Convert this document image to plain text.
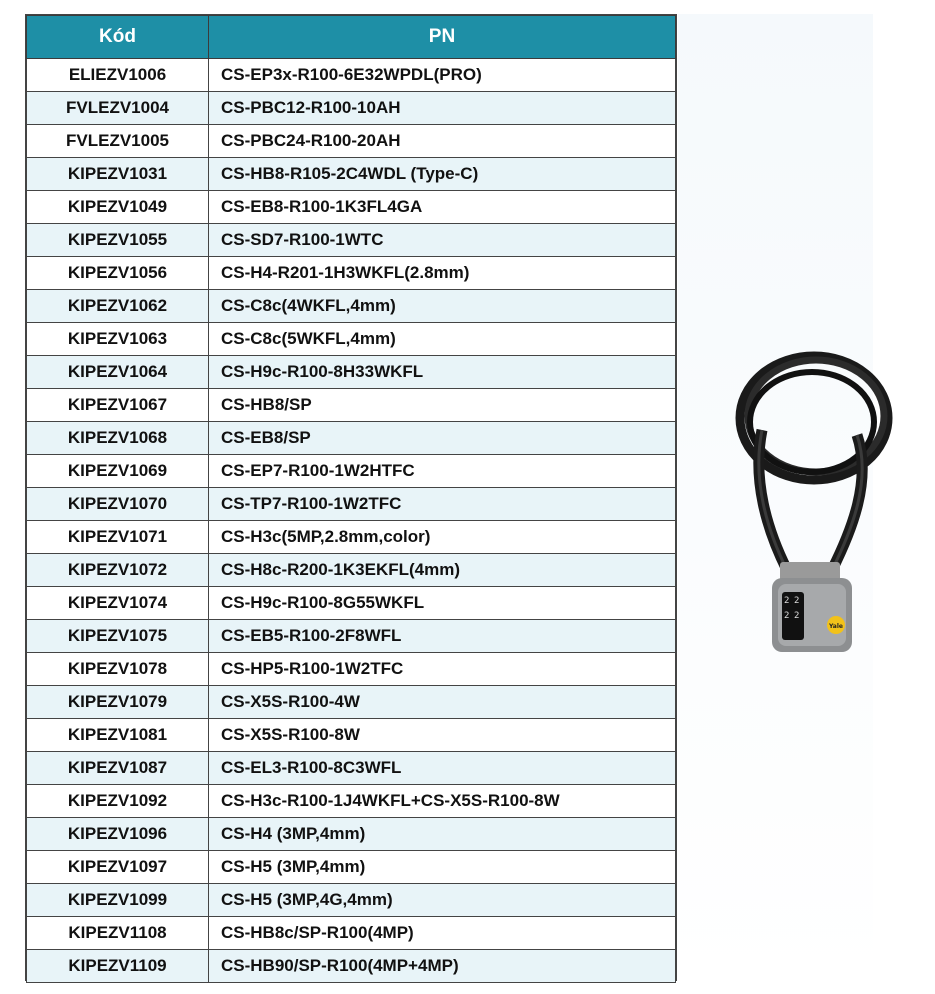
Kód	PN
ELIEZV1006	CS-EP3x-R100-6E32WPDL(PRO)
FVLEZV1004	CS-PBC12-R100-10AH
FVLEZV1005	CS-PBC24-R100-20AH
KIPEZV1031	CS-HB8-R105-2C4WDL (Type-C)
KIPEZV1049	CS-EB8-R100-1K3FL4GA
KIPEZV1055	CS-SD7-R100-1WTC
KIPEZV1056	CS-H4-R201-1H3WKFL(2.8mm)
KIPEZV1062	CS-C8c(4WKFL,4mm)
KIPEZV1063	CS-C8c(5WKFL,4mm)
KIPEZV1064	CS-H9c-R100-8H33WKFL
KIPEZV1067	CS-HB8/SP
KIPEZV1068	CS-EB8/SP
KIPEZV1069	CS-EP7-R100-1W2HTFC
KIPEZV1070	CS-TP7-R100-1W2TFC
KIPEZV1071	CS-H3c(5MP,2.8mm,color)
KIPEZV1072	CS-H8c-R200-1K3EKFL(4mm)
KIPEZV1074	CS-H9c-R100-8G55WKFL
KIPEZV1075	CS-EB5-R100-2F8WFL
KIPEZV1078	CS-HP5-R100-1W2TFC
KIPEZV1079	CS-X5S-R100-4W
KIPEZV1081	CS-X5S-R100-8W
KIPEZV1087	CS-EL3-R100-8C3WFL
KIPEZV1092	CS-H3c-R100-1J4WKFL+CS-X5S-R100-8W
KIPEZV1096	CS-H4 (3MP,4mm)
KIPEZV1097	CS-H5 (3MP,4mm)
KIPEZV1099	CS-H5 (3MP,4G,4mm)
KIPEZV1108	CS-HB8c/SP-R100(4MP)
KIPEZV1109	CS-HB90/SP-R100(4MP+4MP)
2 2
2 2
Yale
